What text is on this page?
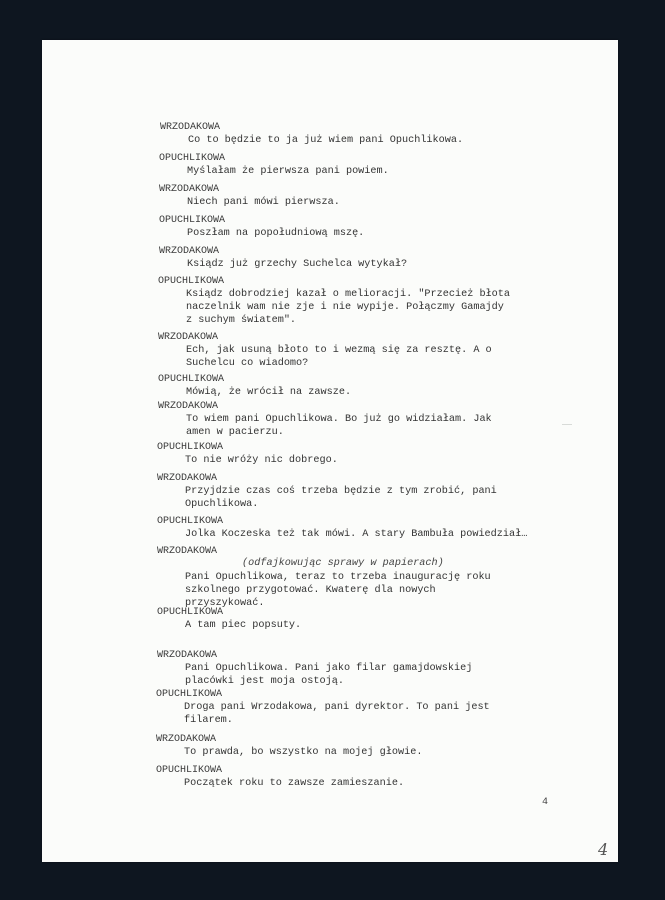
4
4
WRZODAKOWA
Co to będzie to ja już wiem pani Opuchlikowa.
OPUCHLIKOWA
Myślałam że pierwsza pani powiem.
WRZODAKOWA
Niech pani mówi pierwsza.
OPUCHLIKOWA
Poszłam na popołudniową mszę.
WRZODAKOWA
Ksiądz już grzechy Suchelca wytykał?
OPUCHLIKOWA
Ksiądz dobrodziej kazał o melioracji. "Przecież błota
naczelnik wam nie zje i nie wypije. Połączmy Gamajdy
z suchym światem".
WRZODAKOWA
Ech, jak usuną błoto to i wezmą się za resztę. A o
Suchelcu co wiadomo?
OPUCHLIKOWA
Mówią, że wrócił na zawsze.
WRZODAKOWA
To wiem pani Opuchlikowa. Bo już go widziałam. Jak
amen w pacierzu.
OPUCHLIKOWA
To nie wróży nic dobrego.
WRZODAKOWA
Przyjdzie czas coś trzeba będzie z tym zrobić, pani
Opuchlikowa.
OPUCHLIKOWA
Jolka Koczeska też tak mówi. A stary Bambuła powiedział…
WRZODAKOWA
(odfajkowując sprawy w papierach)
Pani Opuchlikowa, teraz to trzeba inaugurację roku
szkolnego przygotować. Kwaterę dla nowych
przyszykować.
OPUCHLIKOWA
A tam piec popsuty.
WRZODAKOWA
Pani Opuchlikowa. Pani jako filar gamajdowskiej
placówki jest moja ostoją.
OPUCHLIKOWA
Droga pani Wrzodakowa, pani dyrektor. To pani jest
filarem.
WRZODAKOWA
To prawda, bo wszystko na mojej głowie.
OPUCHLIKOWA
Początek roku to zawsze zamieszanie.
